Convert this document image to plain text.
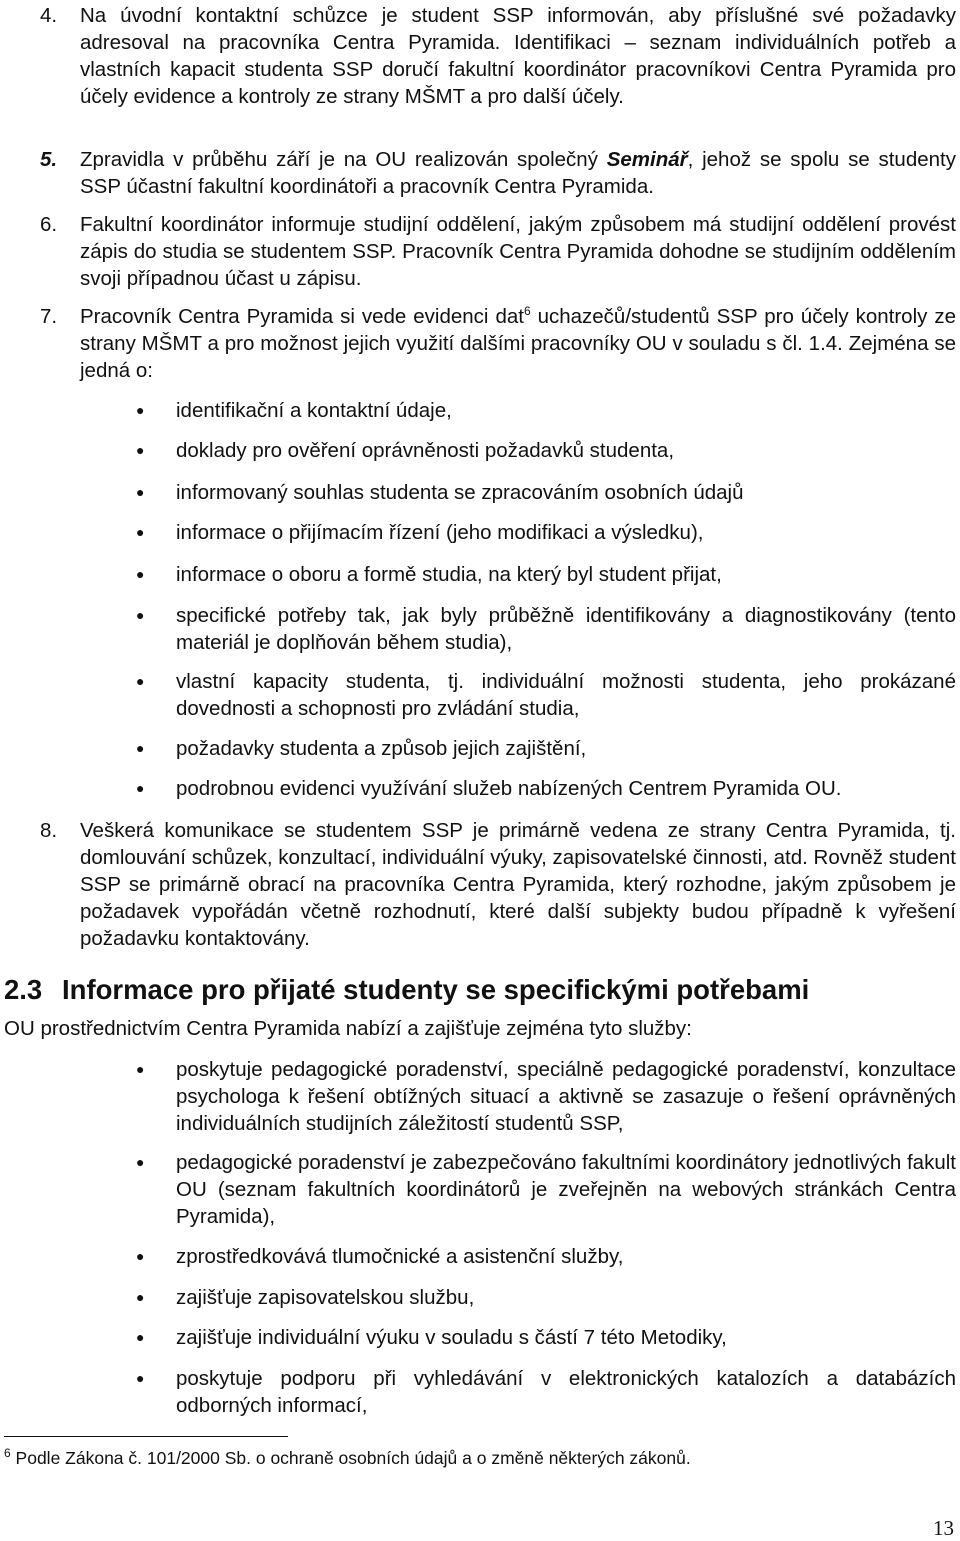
4.	Na úvodní kontaktní schůzce je student SSP informován, aby příslušné své požadavky adresoval na pracovníka Centra Pyramida. Identifikaci – seznam individuálních potřeb a vlastních kapacit studenta SSP doručí fakultní koordinátor pracovníkovi Centra Pyramida pro účely evidence a kontroly ze strany MŠMT a pro další účely.
5.	Zpravidla v průběhu září je na OU realizován společný Seminář, jehož se spolu se studenty SSP účastní fakultní koordinátoři a pracovník Centra Pyramida.
6.	Fakultní koordinátor informuje studijní oddělení, jakým způsobem má studijní oddělení provést zápis do studia se studentem SSP. Pracovník Centra Pyramida dohodne se studijním oddělením svoji případnou účast u zápisu.
7.	Pracovník Centra Pyramida si vede evidenci dat$^6$ uchazečů/studentů SSP pro účely kontroly ze strany MŠMT a pro možnost jejich využití dalšími pracovníky OU v souladu s čl. 1.4. Zejména se jedná o:
●	identifikační a kontaktní údaje,
●	doklady pro ověření oprávněnosti požadavků studenta,
●	informovaný souhlas studenta se zpracováním osobních údajů
●	informace o přijímacím řízení (jeho modifikaci a výsledku),
●	informace o oboru a formě studia, na který byl student přijat,
●	specifické potřeby tak, jak byly průběžně identifikovány a diagnostikovány (tento materiál je doplňován během studia),
●	vlastní kapacity studenta, tj. individuální možnosti studenta, jeho prokázané dovednosti a schopnosti pro zvládání studia,
●	požadavky studenta a způsob jejich zajištění,
●	podrobnou evidenci využívání služeb nabízených Centrem Pyramida OU.
8.	Veškerá komunikace se studentem SSP je primárně vedena ze strany Centra Pyramida, tj. domlouvání schůzek, konzultací, individuální výuky, zapisovatelské činnosti, atd. Rovněž student SSP se primárně obrací na pracovníka Centra Pyramida, který rozhodne, jakým způsobem je požadavek vypořádán včetně rozhodnutí, které další subjekty budou případně k vyřešení požadavku kontaktovány.
2.3 Informace pro přijaté studenty se specifickými potřebami
OU prostřednictvím Centra Pyramida nabízí a zajišťuje zejména tyto služby:
●	poskytuje pedagogické poradenství, speciálně pedagogické poradenství, konzultace psychologa k řešení obtížných situací a aktivně se zasazuje o řešení oprávněných individuálních studijních záležitostí studentů SSP,
●	pedagogické poradenství je zabezpečováno fakultními koordinátory jednotlivých fakult OU (seznam fakultních koordinátorů je zveřejněn na webových stránkách Centra Pyramida),
●	zprostředkovává tlumočnické a asistenční služby,
●	zajišťuje zapisovatelskou službu,
●	zajišťuje individuální výuku v souladu s částí 7 této Metodiky,
●	poskytuje podporu při vyhledávání v elektronických katalozích a databázích odborných informací,
$^6$ Podle Zákona č. 101/2000 Sb. o ochraně osobních údajů a o změně některých zákonů.
13
